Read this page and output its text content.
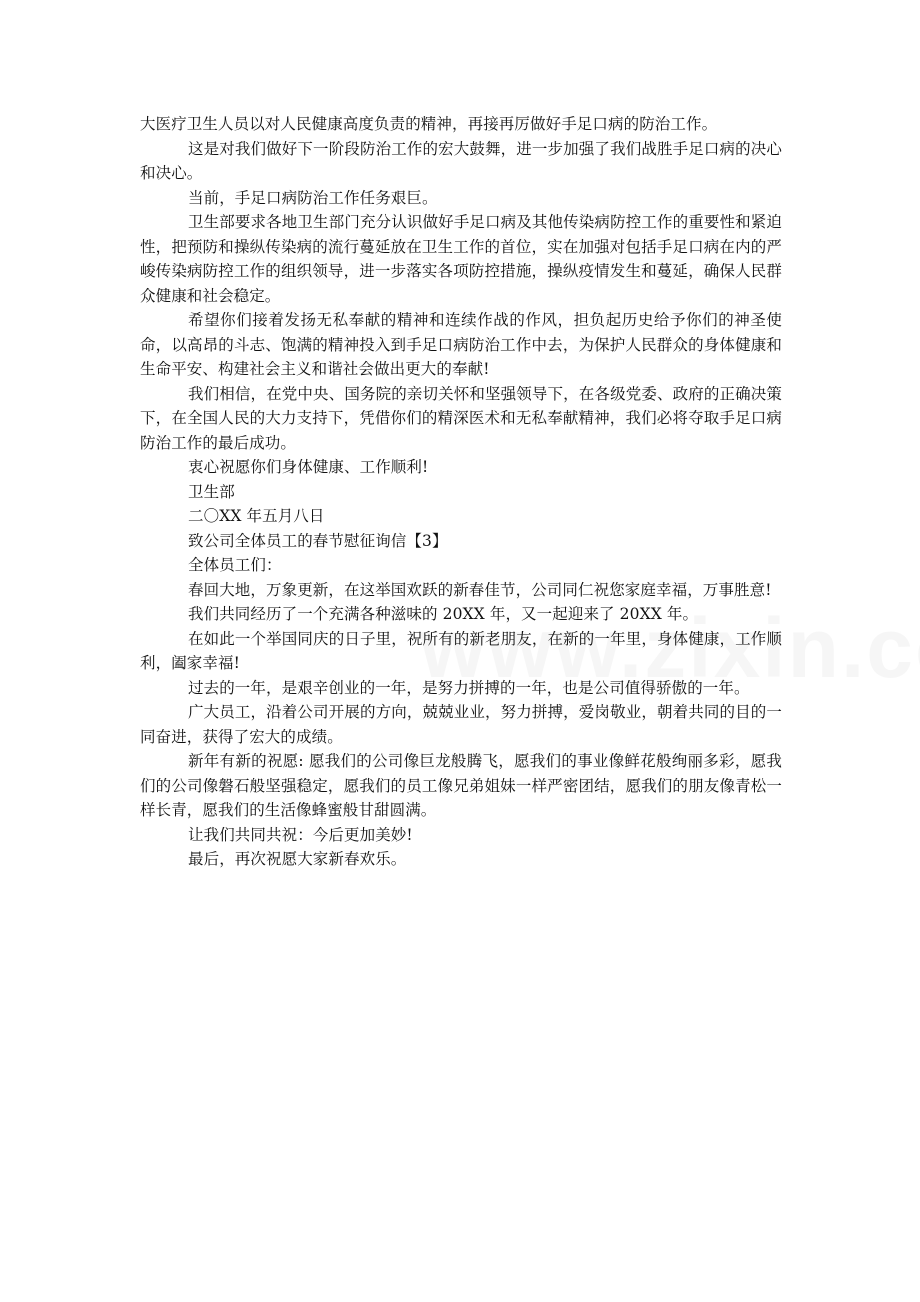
大医疗卫生人员以对人民健康高度负责的精神，再接再厉做好手足口病的防治工作。

这是对我们做好下一阶段防治工作的宏大鼓舞，进一步加强了我们战胜手足口病的决心和决心。

当前，手足口病防治工作任务艰巨。

卫生部要求各地卫生部门充分认识做好手足口病及其他传染病防控工作的重要性和紧迫性，把预防和操纵传染病的流行蔓延放在卫生工作的首位，实在加强对包括手足口病在内的严峻传染病防控工作的组织领导，进一步落实各项防控措施，操纵疫情发生和蔓延，确保人民群众健康和社会稳定。

希望你们接着发扬无私奉献的精神和连续作战的作风，担负起历史给予你们的神圣使命，以高昂的斗志、饱满的精神投入到手足口病防治工作中去，为保护人民群众的身体健康和生命平安、构建社会主义和谐社会做出更大的奉献!

我们相信，在党中央、国务院的亲切关怀和坚强领导下，在各级党委、政府的正确决策下，在全国人民的大力支持下，凭借你们的精深医术和无私奉献精神，我们必将夺取手足口病防治工作的最后成功。

衷心祝愿你们身体健康、工作顺利!

卫生部

二〇XX 年五月八日

致公司全体员工的春节慰征询信【3】

全体员工们：

春回大地，万象更新，在这举国欢跃的新春佳节，公司同仁祝您家庭幸福，万事胜意!

我们共同经历了一个充满各种滋味的 20XX 年，又一起迎来了 20XX 年。

在如此一个举国同庆的日子里，祝所有的新老朋友，在新的一年里，身体健康，工作顺利，阖家幸福!

过去的一年，是艰辛创业的一年，是努力拼搏的一年，也是公司值得骄傲的一年。

广大员工，沿着公司开展的方向，兢兢业业，努力拼搏，爱岗敬业，朝着共同的目的一同奋进，获得了宏大的成绩。

新年有新的祝愿: 愿我们的公司像巨龙般腾飞，愿我们的事业像鲜花般绚丽多彩，愿我们的公司像磐石般坚强稳定，愿我们的员工像兄弟姐妹一样严密团结，愿我们的朋友像青松一样长青，愿我们的生活像蜂蜜般甘甜圆满。

让我们共同共祝：今后更加美妙!

最后，再次祝愿大家新春欢乐。
